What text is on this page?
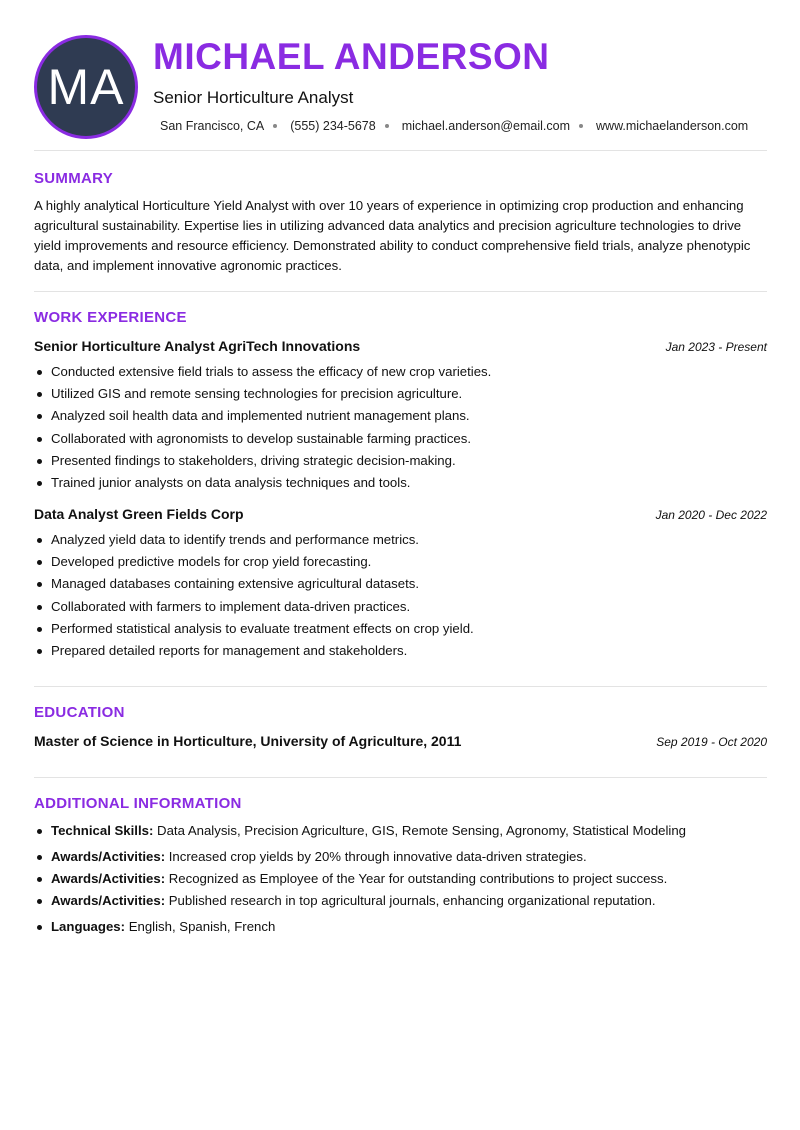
MA
MICHAEL ANDERSON
Senior Horticulture Analyst
San Francisco, CA (555) 234-5678 michael.anderson@email.com www.michaelanderson.com
SUMMARY
A highly analytical Horticulture Yield Analyst with over 10 years of experience in optimizing crop production and enhancing agricultural sustainability. Expertise lies in utilizing advanced data analytics and precision agriculture technologies to drive yield improvements and resource efficiency. Demonstrated ability to conduct comprehensive field trials, analyze phenotypic data, and implement innovative agronomic practices.
WORK EXPERIENCE
Senior Horticulture Analyst AgriTech Innovations	Jan 2023 - Present
Conducted extensive field trials to assess the efficacy of new crop varieties.
Utilized GIS and remote sensing technologies for precision agriculture.
Analyzed soil health data and implemented nutrient management plans.
Collaborated with agronomists to develop sustainable farming practices.
Presented findings to stakeholders, driving strategic decision-making.
Trained junior analysts on data analysis techniques and tools.
Data Analyst Green Fields Corp	Jan 2020 - Dec 2022
Analyzed yield data to identify trends and performance metrics.
Developed predictive models for crop yield forecasting.
Managed databases containing extensive agricultural datasets.
Collaborated with farmers to implement data-driven practices.
Performed statistical analysis to evaluate treatment effects on crop yield.
Prepared detailed reports for management and stakeholders.
EDUCATION
Master of Science in Horticulture, University of Agriculture, 2011	Sep 2019 - Oct 2020
ADDITIONAL INFORMATION
Technical Skills: Data Analysis, Precision Agriculture, GIS, Remote Sensing, Agronomy, Statistical Modeling
Awards/Activities: Increased crop yields by 20% through innovative data-driven strategies.
Awards/Activities: Recognized as Employee of the Year for outstanding contributions to project success.
Awards/Activities: Published research in top agricultural journals, enhancing organizational reputation.
Languages: English, Spanish, French
